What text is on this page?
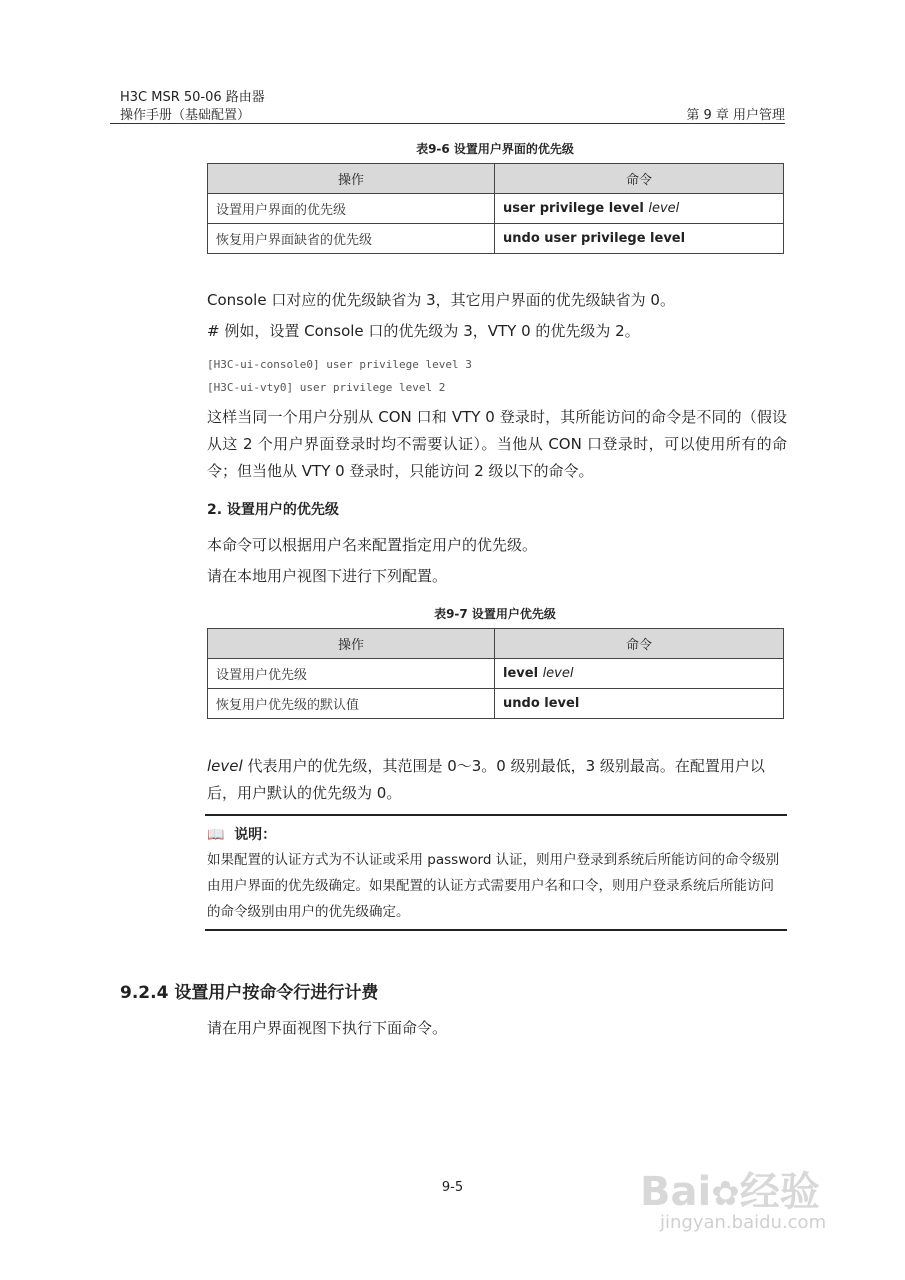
H3C MSR 50-06 路由器
操作手册（基础配置）	第 9 章 用户管理
表9-6 设置用户界面的优先级
操作	命令
设置用户界面的优先级	user privilege level level
恢复用户界面缺省的优先级	undo user privilege level
Console 口对应的优先级缺省为 3，其它用户界面的优先级缺省为 0。
# 例如，设置 Console 口的优先级为 3，VTY 0 的优先级为 2。
[H3C-ui-console0] user privilege level 3
[H3C-ui-vty0] user privilege level 2
这样当同一个用户分别从 CON 口和 VTY 0 登录时，其所能访问的命令是不同的（假设从这 2 个用户界面登录时均不需要认证）。当他从 CON 口登录时，可以使用所有的命令；但当他从 VTY 0 登录时，只能访问 2 级以下的命令。
2. 设置用户的优先级
本命令可以根据用户名来配置指定用户的优先级。
请在本地用户视图下进行下列配置。
表9-7 设置用户优先级
操作	命令
设置用户优先级	level level
恢复用户优先级的默认值	undo level
level 代表用户的优先级，其范围是 0～3。0 级别最低，3 级别最高。在配置用户以后，用户默认的优先级为 0。
📖 说明：
如果配置的认证方式为不认证或采用 password 认证，则用户登录到系统后所能访问的命令级别由用户界面的优先级确定。如果配置的认证方式需要用户名和口令，则用户登录系统后所能访问的命令级别由用户的优先级确定。
9.2.4 设置用户按命令行进行计费
请在用户界面视图下执行下面命令。
9-5	Bai✿经验
jingyan.baidu.com
